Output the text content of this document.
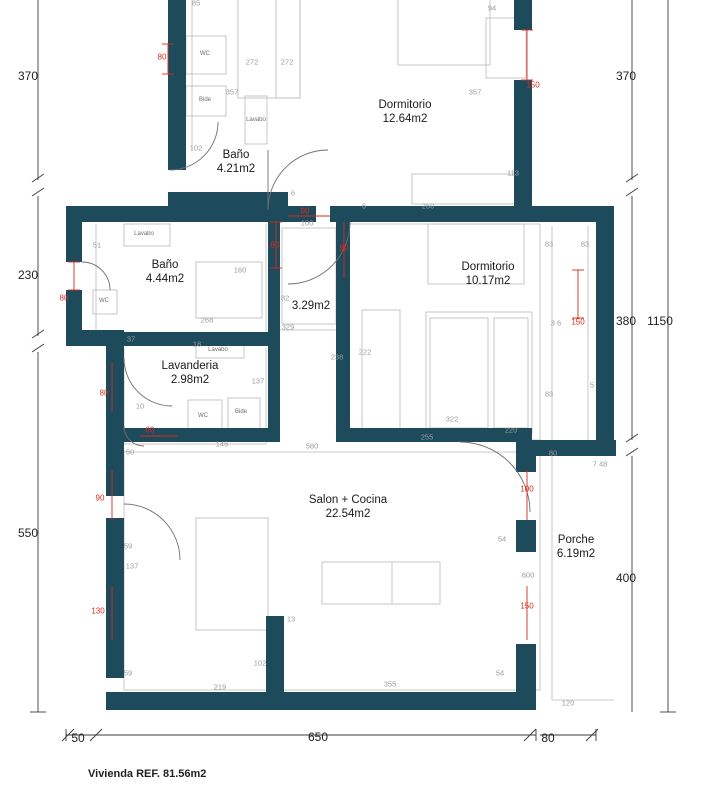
Dormitorio
12.64m2
Baño
4.21m2
Baño
4.44m2
Dormitorio
10.17m2
3.29m2
Lavanderia
2.98m2
Salon + Cocina
22.54m2
Porche
6.19m2
370
230
550
370
380
400
1150
50	650	80
80
150
80
90
90
80
150
80
60
90
100
150
130
85
94
272	272
357	357
102
113
6
6	260
100
51	83	83
160
82
3 6
268
329
238
222
18
37
137
83
5
10
322
220
255
580
146
50	80
7 48
54
600
59
137
13
102
54
59
219	355
120
WC
Bide
Lavabo
Lavabo
WC
Lavabo
WC
Bide
Vivienda REF. 81.56m2
